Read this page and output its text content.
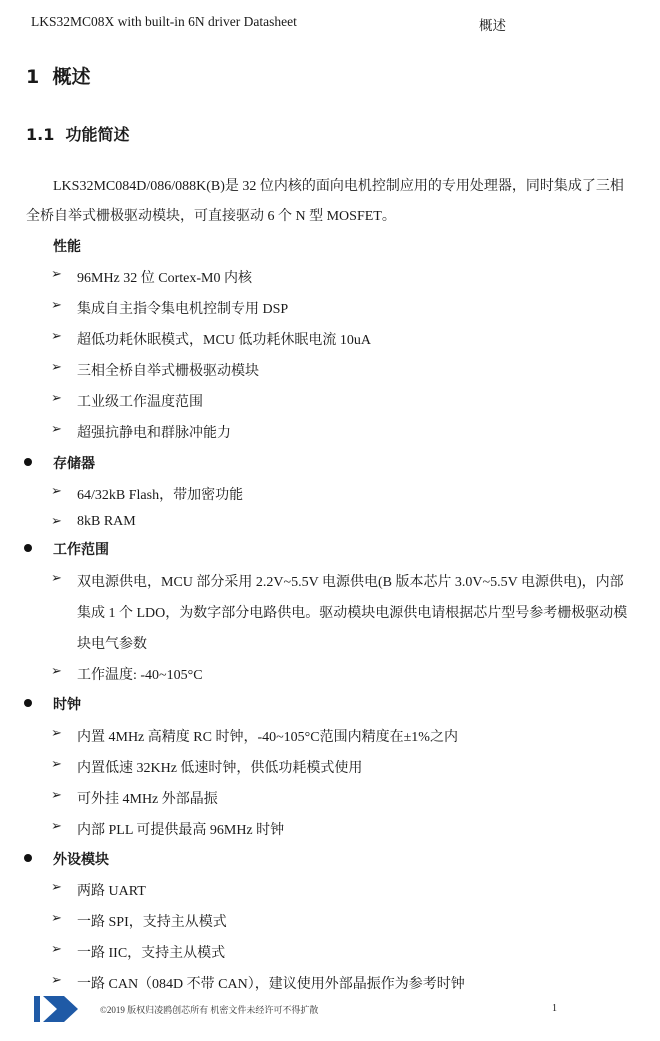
LKS32MC08X with built-in 6N driver Datasheet	概述
1 概述
1.1 功能简述
LKS32MC084D/086/088K(B)是 32 位内核的面向电机控制应用的专用处理器，同时集成了三相
全桥自举式栅极驱动模块，可直接驱动 6 个 N 型 MOSFET。
性能
➢ 96MHz 32 位 Cortex-M0 内核
➢ 集成自主指令集电机控制专用 DSP
➢ 超低功耗休眠模式，MCU 低功耗休眠电流 10uA
➢ 三相全桥自举式栅极驱动模块
➢ 工业级工作温度范围
➢ 超强抗静电和群脉冲能力
存储器
➢ 64/32kB Flash，带加密功能
➢ 8kB RAM
工作范围
➢ 双电源供电，MCU 部分采用 2.2V~5.5V 电源供电(B 版本芯片 3.0V~5.5V 电源供电)，内部
集成 1 个 LDO，为数字部分电路供电。驱动模块电源供电请根据芯片型号参考栅极驱动模
块电气参数
➢ 工作温度: -40~105°C
时钟
➢ 内置 4MHz 高精度 RC 时钟，-40~105°C范围内精度在±1%之内
➢ 内置低速 32KHz 低速时钟，供低功耗模式使用
➢ 可外挂 4MHz 外部晶振
➢ 内部 PLL 可提供最高 96MHz 时钟
外设模块
➢ 两路 UART
➢ 一路 SPI，支持主从模式
➢ 一路 IIC，支持主从模式
➢ 一路 CAN（084D 不带 CAN），建议使用外部晶振作为参考时钟
©2019 版权归凌鸥创芯所有 机密文件未经许可不得扩散	1
